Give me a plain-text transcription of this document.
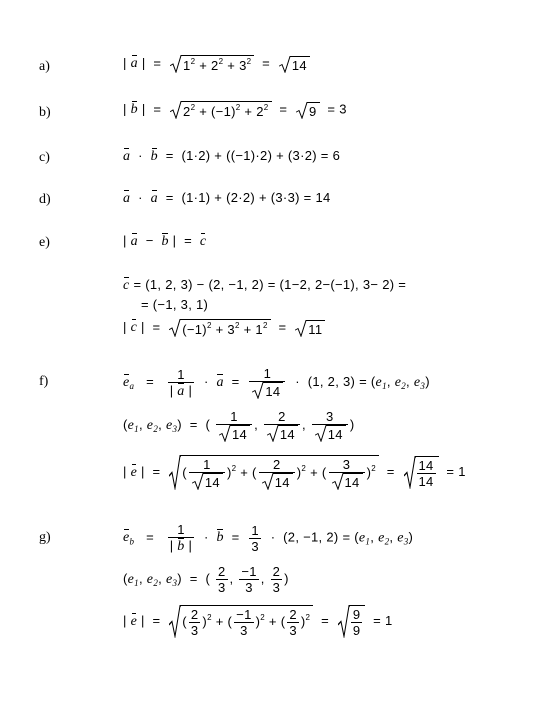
a)	| a |  =
$1^2 + 2^2 + 3^2$  =
14
b)	| b |  =
$2^2 + (-1)^2 + 2^2$  =
9  = 3
c)	a  ·  b  =  (1·2) + ((−1)·2) + (3·2) = 6
d)	a  ·  a  =  (1·1) + (2·2) + (3·3) = 14
e)	| a  −  b |  =  c
c = (1, 2, 3) − (2, −1, 2) = (1−2, 2−(−1), 3− 2) =
= (−1, 3, 1)
| c |  =
$(-1)^2 + 3^2 + 1^2$  =
11
f)	$e_a = \frac{1}{| a |} \cdot a = \frac{1}{14} \cdot (1$, 2, $3) = (e_1$, $e_2$, $e_3$)
($e_1$, $e_2$, $e_3$)  =  ( $\frac{1}{14}$ , $\frac{2}{14}$ , $\frac{3}{14}$ )
| e |  =
( $\frac{1}{14} )^2$ + ( $\frac{2}{14} )^2$ + ( $\frac{3}{14} )^2 = \frac{14}{14} = 1$
g)	$e_b = \frac{1}{| b |} \cdot b = \frac{1}{3} \cdot (2$, −1, $2) = (e_1$, $e_2$, $e_3$)
($e_1$, $e_2$, $e_3$)  =  ( $\frac{2}{3}$ , $\frac{-1}{3}$ , $\frac{2}{3}$ )
| e |  =
( $\frac{2}{3} )^2$ + ( $\frac{-1}{3} )^2$ + ( $\frac{2}{3} )^2 = \frac{9}{9} = 1$
